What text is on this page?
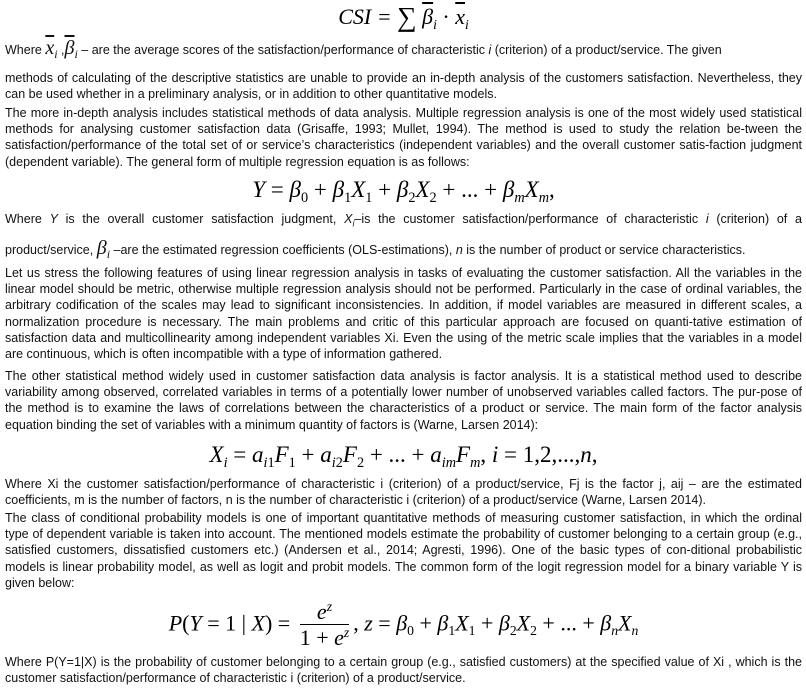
CSI = ∑ $\overline{\beta}_i \cdot \overline{x}_i$

Where $\overline{x}_i$ $,\overline{\beta}_i$ – are the average scores of the satisfaction/performance of characteristic i (criterion) of a product/service. The given

methods of calculating of the descriptive statistics are unable to provide an in-depth analysis of the customers satisfaction. Nevertheless, they can be used whether in a preliminary analysis, or in addition to other quantitative models.

The more in-depth analysis includes statistical methods of data analysis. Multiple regression analysis is one of the most widely used statistical methods for analysing customer satisfaction data (Grisaffe, 1993; Mullet, 1994). The method is used to study the relation be-tween the satisfaction/performance of the total set of or service’s characteristics (independent variables) and the overall customer satis-faction judgment (dependent variable). The general form of multiple regression equation is as follows:

$Y = \beta_0 + \beta_1X_1 + \beta_2X_2$ + ... + $\beta_mX_m$,

Where Y is the overall customer satisfaction judgment, $X_i-is$ the customer satisfaction/performance of characteristic i (criterion) of a

product/service, $\beta_i$ –are the estimated regression coefficients (OLS-estimations), n is the number of product or service characteristics.

Let us stress the following features of using linear regression analysis in tasks of evaluating the customer satisfaction. All the variables in the linear model should be metric, otherwise multiple regression analysis should not be performed. Particularly in the case of ordinal variables, the arbitrary codification of the scales may lead to significant inconsistencies. In addition, if model variables are measured in different scales, a normalization procedure is necessary. The main problems and critic of this particular approach are focused on quanti-tative estimation of satisfaction data and multicollinearity among independent variables Xi. Even the using of the metric scale implies that the variables in a model are continuous, which is often incompatible with a type of information gathered.

The other statistical method widely used in customer satisfaction data analysis is factor analysis. It is a statistical method used to describe variability among observed, correlated variables in terms of a potentially lower number of unobserved variables called factors. The pur-pose of the method is to examine the laws of correlations between the characteristics of a product or service. The main form of the factor analysis equation binding the set of variables with a minimum quantity of factors is (Warne, Larsen 2014):

$X_i = a_{i1}F_1 + a_{i2}F_2$ + ... + $a_{im}F_m$, i = 1,2,...,n,

Where Xi the customer satisfaction/performance of characteristic i (criterion) of a product/service, Fj is the factor j, aij – are the estimated coefficients, m is the number of factors, n is the number of characteristic i (criterion) of a product/service (Warne, Larsen 2014).

The class of conditional probability models is one of important quantitative methods of measuring customer satisfaction, in which the ordinal type of dependent variable is taken into account. The mentioned models estimate the probability of customer belonging to a certain group (e.g., satisfied customers, dissatisfied customers etc.) (Andersen et al., 2014; Agresti, 1996). One of the basic types of con-ditional probabilistic models is linear probability model, as well as logit and probit models. The common form of the logit regression model for a binary variable Y is given below:

P(Y = 1 | $X) = \frac{e^z}{1 + e^z}$ , $z = \beta_0 + \beta_1X_1 + \beta_2X_2$ + ... + $\beta_nX_n$

Where P(Y=1|X) is the probability of customer belonging to a certain group (e.g., satisfied customers) at the specified value of Xi , which is the customer satisfaction/performance of characteristic i (criterion) of a product/service.
